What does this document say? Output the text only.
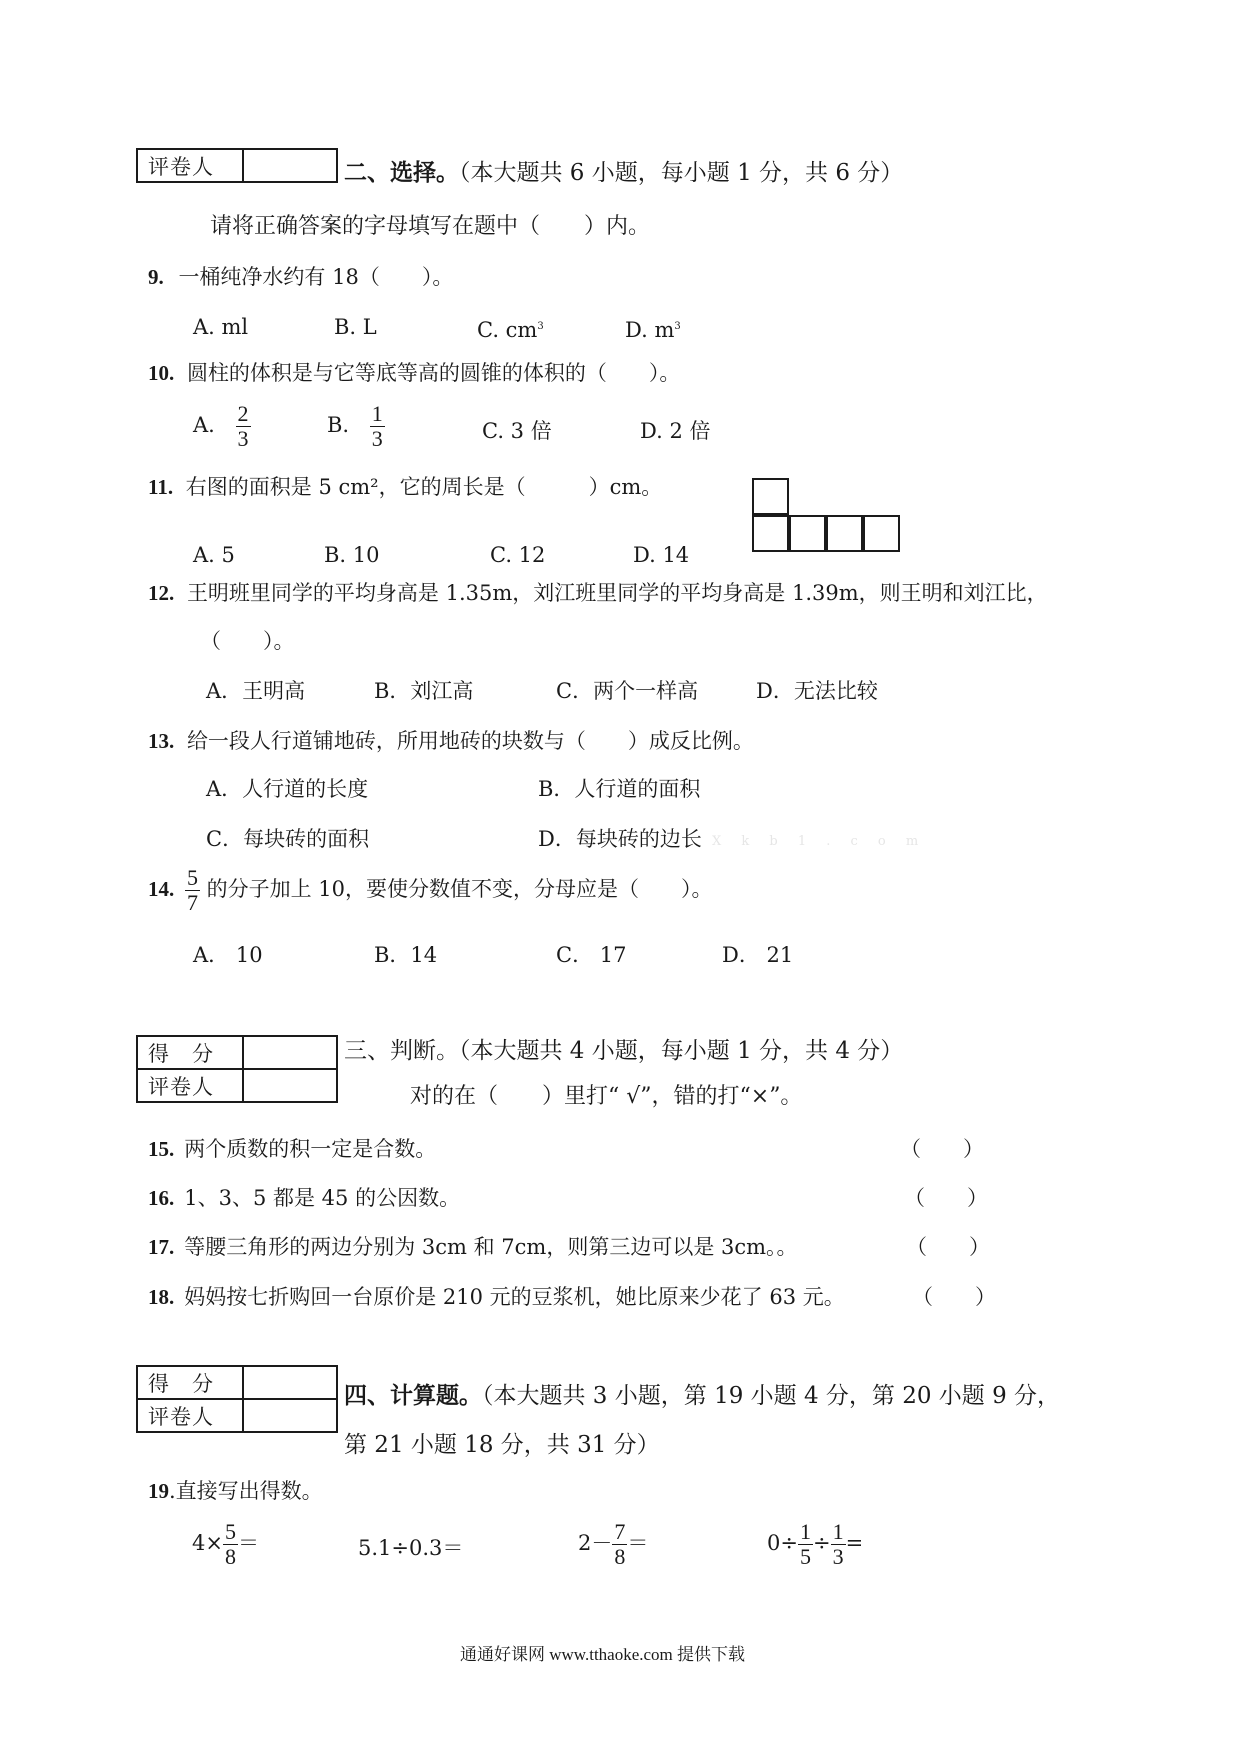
评卷人		二、选择。（本大题共 6 小题，每小题 1 分，共 6 分）
请将正确答案的字母填写在题中（　　）内。
9. 一桶纯净水约有 18（　　）。
A. ml	B. L	C. $cm^3$	D. $m^3$
10. 圆柱的体积是与它等底等高的圆锥的体积的（　　）。
A. $\frac{2}{3}$	B. $\frac{1}{3}$	C. 3 倍	D. 2 倍
11. 右图的面积是 5 cm²，它的周长是（　　　）cm。
A. 5	B. 10	C. 12	D. 14
12. 王明班里同学的平均身高是 1.35m，刘江班里同学的平均身高是 1.39m，则王明和刘江比，
（　　）。
A．王明高	B．刘江高	C．两个一样高	D．无法比较
13. 给一段人行道铺地砖，所用地砖的块数与（　　）成反比例。
A．人行道的长度	B．人行道的面积
C．每块砖的面积	D．每块砖的边长 X k b 1 . c o m
14. $\frac{5}{7}$ 的分子加上 10，要使分数值不变，分母应是（　　）。
A． 10	B．14	C． 17	D． 21
得　分	
评卷人	
三、判断。（本大题共 4 小题，每小题 1 分，共 4 分）
对的在（　　）里打“ √”，错的打“×”。
15. 两个质数的积一定是合数。	（　　）
16. 1、3、5 都是 45 的公因数。	（　　）
17. 等腰三角形的两边分别为 3cm 和 7cm，则第三边可以是 3cm。。	（　　）
18. 妈妈按七折购回一台原价是 210 元的豆浆机，她比原来少花了 63 元。	（　　）
得　分	
评卷人	
四、计算题。（本大题共 3 小题，第 19 小题 4 分，第 20 小题 9 分，
第 21 小题 18 分，共 31 分）
19.直接写出得数。
$4\times \frac{5}{8}$ ＝	5.1÷0.3＝	$2- \frac{7}{8}$ ＝	$0\div \frac{1}{5} \div \frac{1}{3}$ =
通通好课网 www.tthaoke.com 提供下载
